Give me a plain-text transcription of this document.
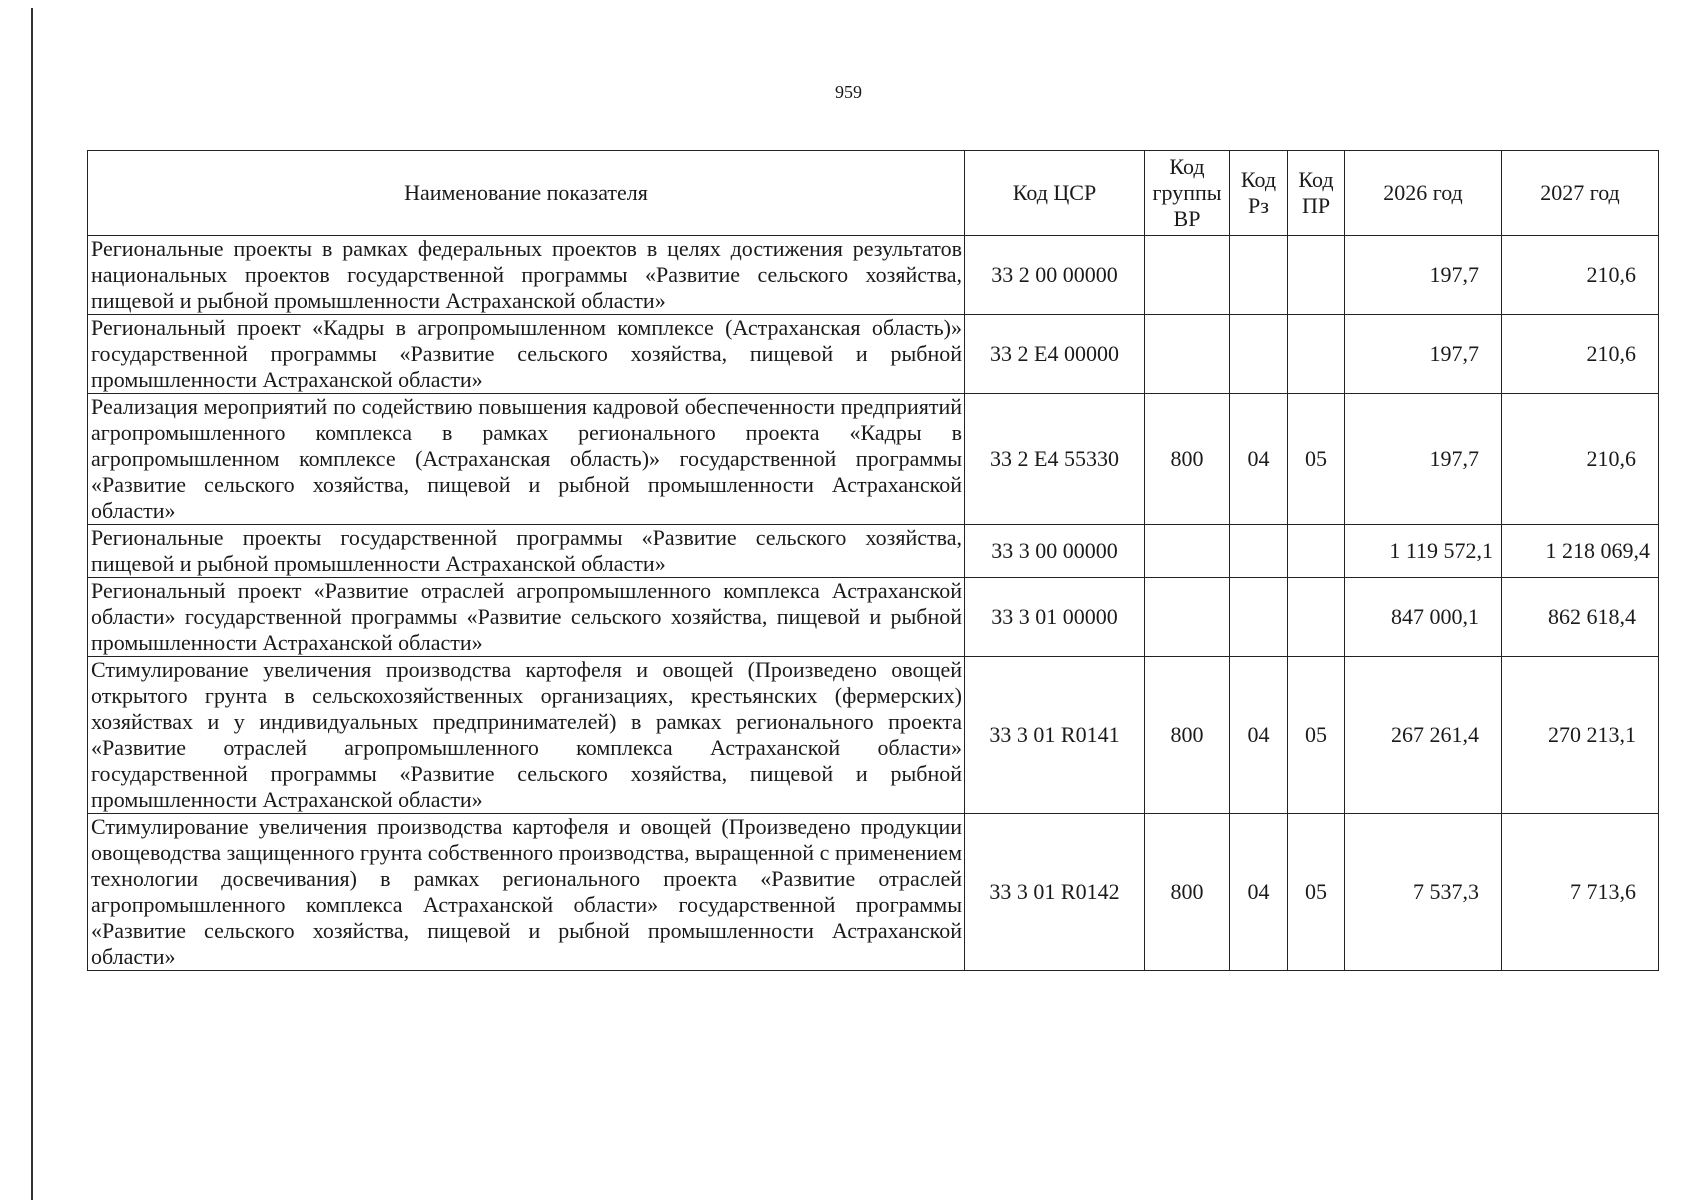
959
Наименование показателя	Код ЦСР	Код группы ВР	Код Рз	Код ПР	2026 год	2027 год
Региональные проекты в рамках федеральных проектов в целях достижения результатов национальных проектов государственной программы «Развитие сельского хозяйства, пищевой и рыбной промышленности Астраханской области»	33 2 00 00000				197,7	210,6
Региональный проект «Кадры в агропромышленном комплексе (Астраханская область)» государственной программы «Развитие сельского хозяйства, пищевой и рыбной промышленности Астраханской области»	33 2 Е4 00000				197,7	210,6
Реализация мероприятий по содействию повышения кадровой обеспеченности предприятий агропромышленного комплекса в рамках регионального проекта «Кадры в агропромышленном комплексе (Астраханская область)» государственной программы «Развитие сельского хозяйства, пищевой и рыбной промышленности Астраханской области»	33 2 Е4 55330	800	04	05	197,7	210,6
Региональные проекты государственной программы «Развитие сельского хозяйства, пищевой и рыбной промышленности Астраханской области»	33 3 00 00000				1 119 572,1	1 218 069,4
Региональный проект «Развитие отраслей агропромышленного комплекса Астраханской области» государственной программы «Развитие сельского хозяйства, пищевой и рыбной промышленности Астраханской области»	33 3 01 00000				847 000,1	862 618,4
Стимулирование увеличения производства картофеля и овощей (Произведено овощей открытого грунта в сельскохозяйственных организациях, крестьянских (фермерских) хозяйствах и у индивидуальных предпринимателей) в рамках регионального проекта «Развитие отраслей агропромышленного комплекса Астраханской области» государственной программы «Развитие сельского хозяйства, пищевой и рыбной промышленности Астраханской области»	33 3 01 R0141	800	04	05	267 261,4	270 213,1
Стимулирование увеличения производства картофеля и овощей (Произведено продукции овощеводства защищенного грунта собственного производства, выращенной с применением технологии досвечивания) в рамках регионального проекта «Развитие отраслей агропромышленного комплекса Астраханской области» государственной программы «Развитие сельского хозяйства, пищевой и рыбной промышленности Астраханской области»	33 3 01 R0142	800	04	05	7 537,3	7 713,6
